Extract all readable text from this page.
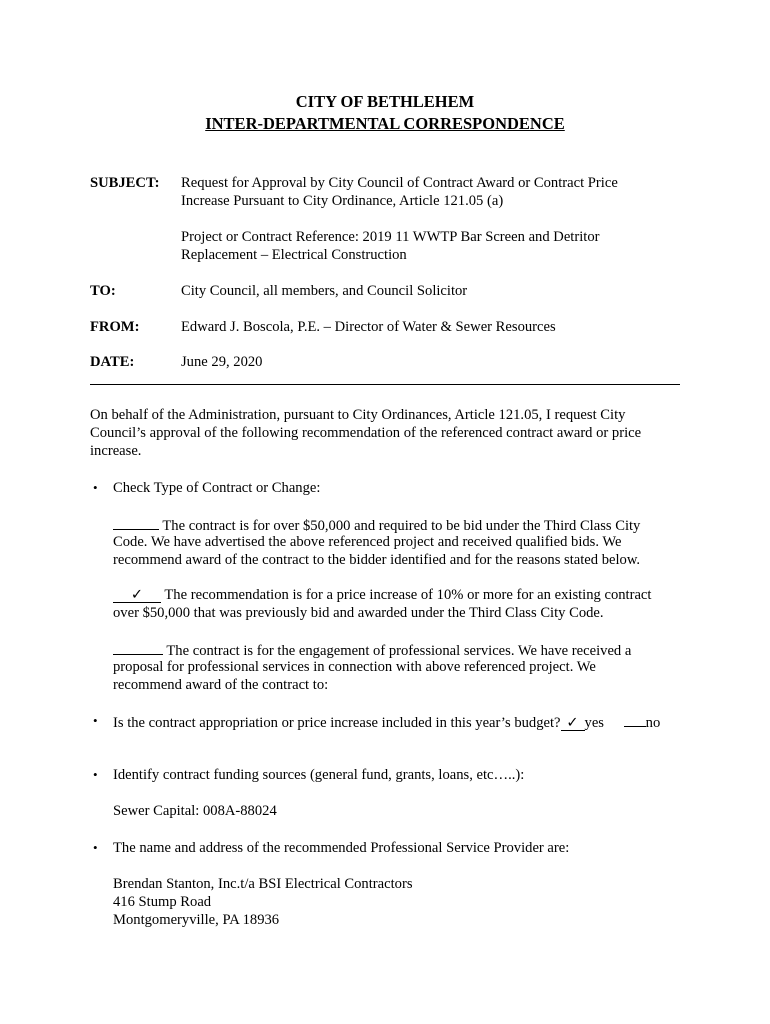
CITY OF BETHLEHEM
INTER-DEPARTMENTAL CORRESPONDENCE
SUBJECT: Request for Approval by City Council of Contract Award or Contract Price
Increase Pursuant to City Ordinance, Article 121.05 (a)
Project or Contract Reference: 2019 11 WWTP Bar Screen and Detritor
Replacement – Electrical Construction
TO:	City Council, all members, and Council Solicitor
FROM:	Edward J. Boscola, P.E. – Director of Water & Sewer Resources
DATE:	June 29, 2020
On behalf of the Administration, pursuant to City Ordinances, Article 121.05, I request City
Council’s approval of the following recommendation of the referenced contract award or price
increase.
• Check Type of Contract or Change:
The contract is for over $50,000 and required to be bid under the Third Class City
Code. We have advertised the above referenced project and received qualified bids. We
recommend award of the contract to the bidder identified and for the reasons stated below.
✓ The recommendation is for a price increase of 10% or more for an existing contract
over $50,000 that was previously bid and awarded under the Third Class City Code.
The contract is for the engagement of professional services. We have received a
proposal for professional services in connection with above referenced project. We
recommend award of the contract to:
• Is the contract appropriation or price increase included in this year’s budget? ✓ yes	no
• Identify contract funding sources (general fund, grants, loans, etc…..):
Sewer Capital: 008A-88024
• The name and address of the recommended Professional Service Provider are:
Brendan Stanton, Inc.t/a BSI Electrical Contractors
416 Stump Road
Montgomeryville, PA 18936
